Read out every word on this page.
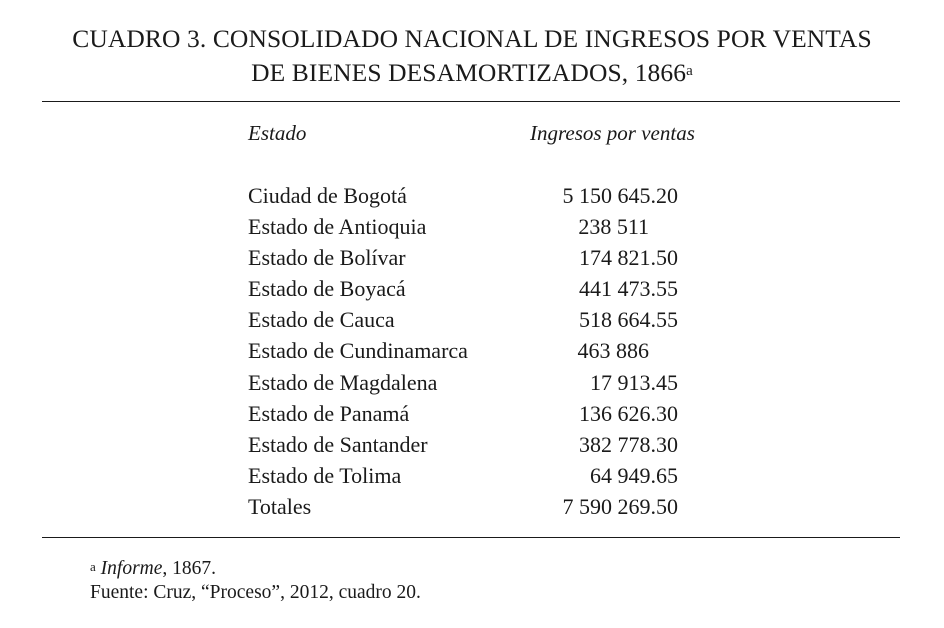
CUADRO 3. CONSOLIDADO NACIONAL DE INGRESOS POR VENTAS
DE BIENES DESAMORTIZADOS, 1866$^a$
Estado	Ingresos por ventas
Ciudad de Bogotá	5 150 645.20
Estado de Antioquia	238 511
Estado de Bolívar	174 821.50
Estado de Boyacá	441 473.55
Estado de Cauca	518 664.55
Estado de Cundinamarca	463 886
Estado de Magdalena	17 913.45
Estado de Panamá	136 626.30
Estado de Santander	382 778.30
Estado de Tolima	64 949.65
Totales	7 590 269.50
$^a$ Informe, 1867.
Fuente: Cruz, “Proceso”, 2012, cuadro 20.
